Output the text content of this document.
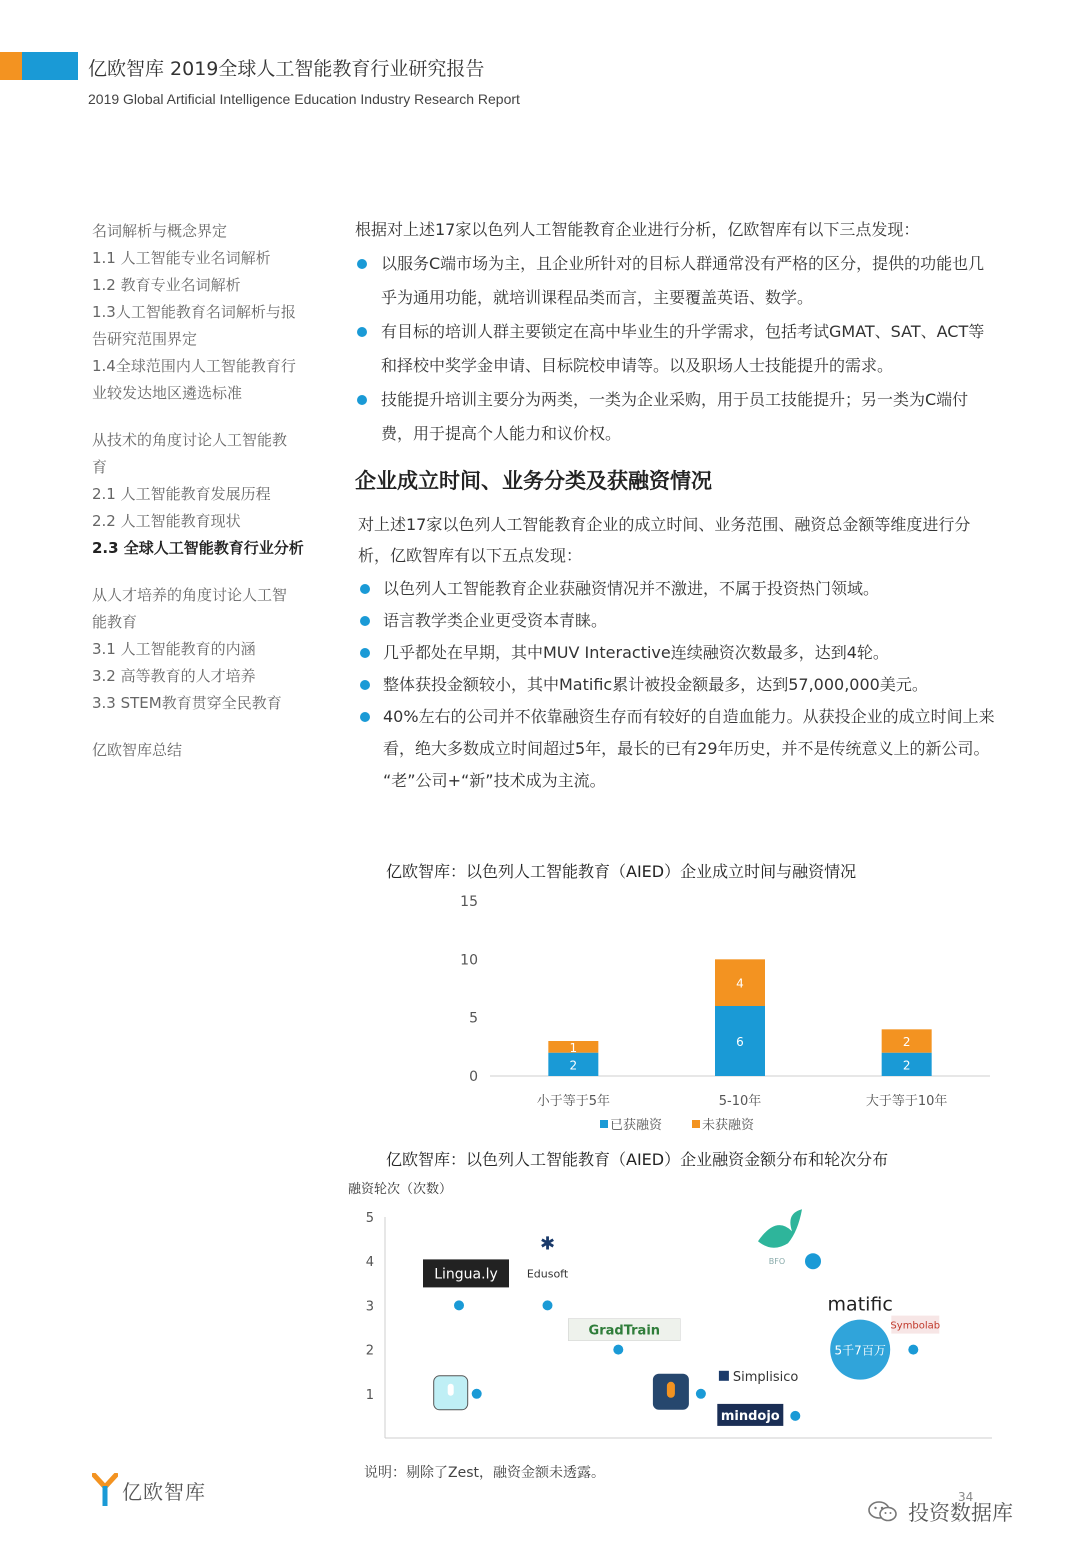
亿欧智库 2019全球人工智能教育行业研究报告
2019 Global Artificial Intelligence Education Industry Research Report
名词解析与概念界定
1.1 人工智能专业名词解析
1.2 教育专业名词解析
1.3人工智能教育名词解析与报
告研究范围界定
1.4全球范围内人工智能教育行
业较发达地区遴选标准
从技术的角度讨论人工智能教
育
2.1 人工智能教育发展历程
2.2 人工智能教育现状
2.3 全球人工智能教育行业分析
从人才培养的角度讨论人工智
能教育
3.1 人工智能教育的内涵
3.2 高等教育的人才培养
3.3 STEM教育贯穿全民教育
亿欧智库总结

根据对上述17家以色列人工智能教育企业进行分析，亿欧智库有以下三点发现：

以服务C端市场为主，且企业所针对的目标人群通常没有严格的区分，提供的功能也几乎为通用功能，就培训课程品类而言，主要覆盖英语、数学。
有目标的培训人群主要锁定在高中毕业生的升学需求，包括考试GMAT、SAT、ACT等和择校中奖学金申请、目标院校申请等。以及职场人士技能提升的需求。
技能提升培训主要分为两类，一类为企业采购，用于员工技能提升；另一类为C端付费，用于提高个人能力和议价权。
企业成立时间、业务分类及获融资情况

对上述17家以色列人工智能教育企业的成立时间、业务范围、融资总金额等维度进行分析，亿欧智库有以下五点发现：

以色列人工智能教育企业获融资情况并不激进，不属于投资热门领域。
语言教学类企业更受资本青睐。
几乎都处在早期，其中MUV Interactive连续融资次数最多，达到4轮。
整体获投金额较小，其中Matific累计被投金额最多，达到57,000,000美元。
40%左右的公司并不依靠融资生存而有较好的自造血能力。从获投企业的成立时间上来看，绝大多数成立时间超过5年，最长的已有29年历史，并不是传统意义上的新公司。 “老”公司+“新”技术成为主流。
亿欧智库：以色列人工智能教育（AIED）企业成立时间与融资情况
0
5
10
15
2
1
小于等于5年
6
4
5-10年
2
2
大于等于10年
已获融资	未获融资
亿欧智库：以色列人工智能教育（AIED）企业融资金额分布和轮次分布
融资轮次（次数）
1
2
3
4
5
Lingua.ly
✱
Edusoft
GradTrain
Simplisico
mindojo
BFO
5千7百万
matific
Symbolab
说明：剔除了Zest，融资金额未透露。
亿欧智库	34
投资数据库
